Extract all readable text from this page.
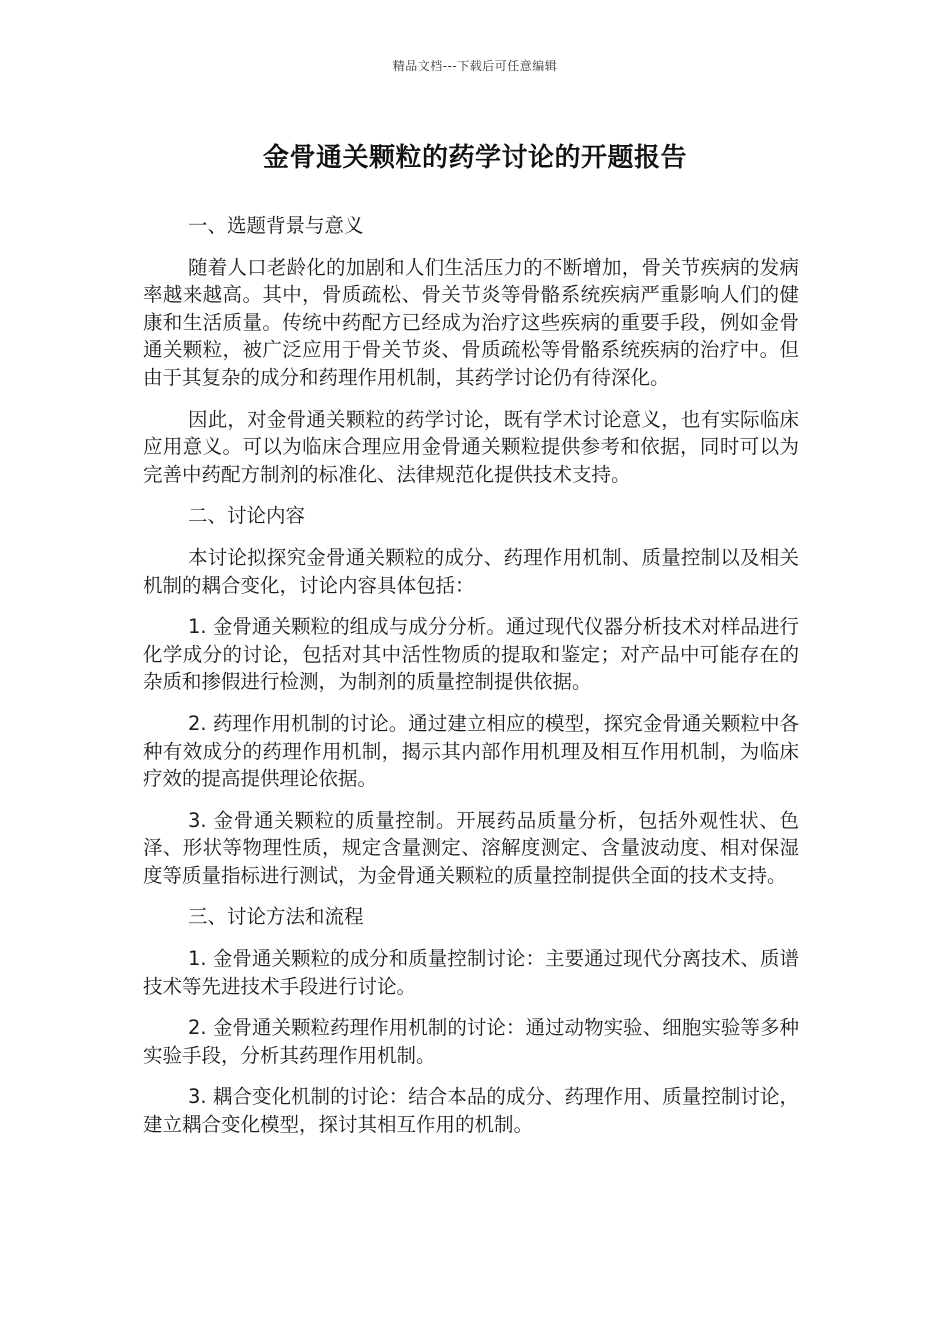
精品文档---下载后可任意编辑
金骨通关颗粒的药学讨论的开题报告

一、选题背景与意义

随着人口老龄化的加剧和人们生活压力的不断增加，骨关节疾病的发病率越来越高。其中，骨质疏松、骨关节炎等骨骼系统疾病严重影响人们的健康和生活质量。传统中药配方已经成为治疗这些疾病的重要手段，例如金骨通关颗粒，被广泛应用于骨关节炎、骨质疏松等骨骼系统疾病的治疗中。但由于其复杂的成分和药理作用机制，其药学讨论仍有待深化。

因此，对金骨通关颗粒的药学讨论，既有学术讨论意义，也有实际临床应用意义。可以为临床合理应用金骨通关颗粒提供参考和依据，同时可以为完善中药配方制剂的标准化、法律规范化提供技术支持。

二、讨论内容

本讨论拟探究金骨通关颗粒的成分、药理作用机制、质量控制以及相关机制的耦合变化，讨论内容具体包括：

1. 金骨通关颗粒的组成与成分分析。通过现代仪器分析技术对样品进行化学成分的讨论，包括对其中活性物质的提取和鉴定；对产品中可能存在的杂质和掺假进行检测，为制剂的质量控制提供依据。

2. 药理作用机制的讨论。通过建立相应的模型，探究金骨通关颗粒中各种有效成分的药理作用机制，揭示其内部作用机理及相互作用机制，为临床疗效的提高提供理论依据。

3. 金骨通关颗粒的质量控制。开展药品质量分析，包括外观性状、色泽、形状等物理性质，规定含量测定、溶解度测定、含量波动度、相对保湿度等质量指标进行测试，为金骨通关颗粒的质量控制提供全面的技术支持。

三、讨论方法和流程

1. 金骨通关颗粒的成分和质量控制讨论：主要通过现代分离技术、质谱技术等先进技术手段进行讨论。

2. 金骨通关颗粒药理作用机制的讨论：通过动物实验、细胞实验等多种实验手段，分析其药理作用机制。

3. 耦合变化机制的讨论：结合本品的成分、药理作用、质量控制讨论，建立耦合变化模型，探讨其相互作用的机制。
